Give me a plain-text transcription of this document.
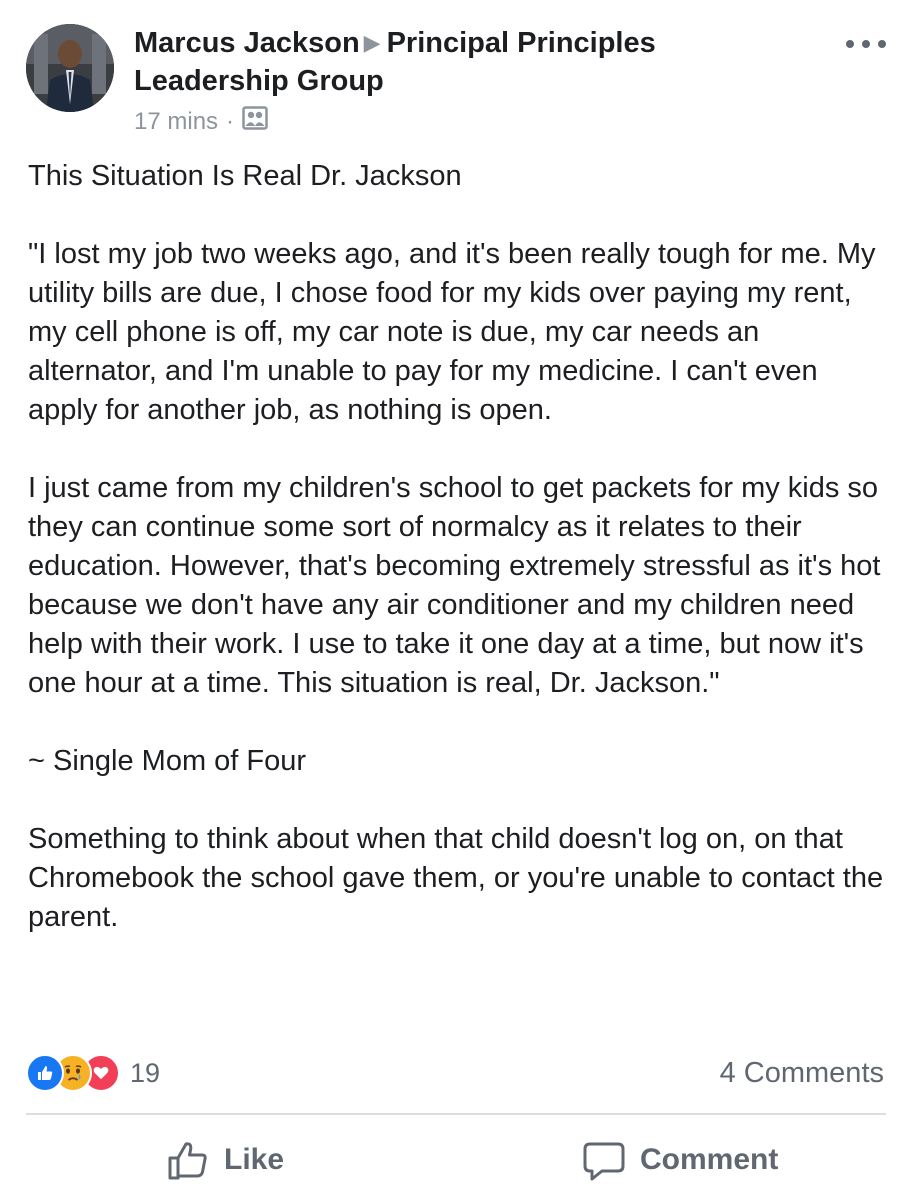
Marcus Jackson ▶ Principal Principles Leadership Group
17 mins ·

This Situation Is Real Dr. Jackson

"I lost my job two weeks ago, and it's been really tough for me. My utility bills are due, I chose food for my kids over paying my rent, my cell phone is off, my car note is due, my car needs an alternator, and I'm unable to pay for my medicine. I can't even apply for another job, as nothing is open.

I just came from my children's school to get packets for my kids so they can continue some sort of normalcy as it relates to their education. However, that's becoming extremely stressful as it's hot because we don't have any air conditioner and my children need help with their work. I use to take it one day at a time, but now it's one hour at a time. This situation is real, Dr. Jackson."

~ Single Mom of Four

Something to think about when that child doesn't log on, on that Chromebook the school gave them, or you're unable to contact the parent.

19	4 Comments
Like	Comment
